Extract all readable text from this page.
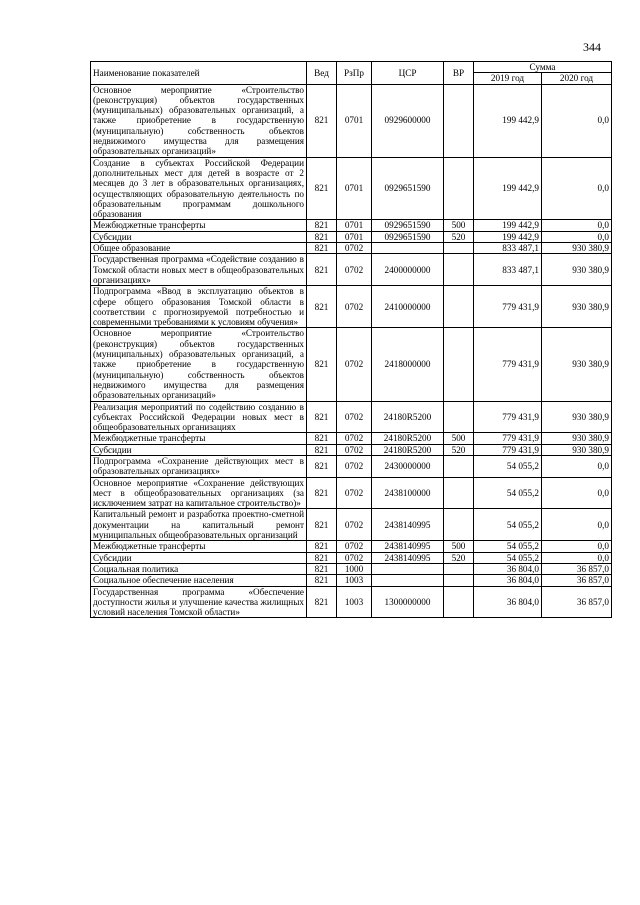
344
Наименование показателей	Вед	РзПр	ЦСР	ВР	Сумма	
					2019 год	2020 год
Основное мероприятие «Строительство (реконструкция) объектов государственных (муниципальных) образовательных организаций, а также приобретение в государственную (муниципальную) собственность объектов недвижимого имущества для размещения образовательных организаций»	821	0701	0929600000		199 442,9	0,0
Создание в субъектах Российской Федерации дополнительных мест для детей в возрасте от 2 месяцев до 3 лет в образовательных организациях, осуществляющих образовательную деятельность по образовательным программам дошкольного образования	821	0701	0929651590		199 442,9	0,0
Межбюджетные трансферты	821	0701	0929651590	500	199 442,9	0,0
Субсидии	821	0701	0929651590	520	199 442,9	0,0
Общее образование	821	0702			833 487,1	930 380,9
Государственная программа «Содействие созданию в Томской области новых мест в общеобразовательных организациях»	821	0702	2400000000		833 487,1	930 380,9
Подпрограмма «Ввод в эксплуатацию объектов в сфере общего образования Томской области в соответствии с прогнозируемой потребностью и современными требованиями к условиям обучения»	821	0702	2410000000		779 431,9	930 380,9
Основное мероприятие «Строительство (реконструкция) объектов государственных (муниципальных) образовательных организаций, а также приобретение в государственную (муниципальную) собственность объектов недвижимого имущества для размещения образовательных организаций»	821	0702	2418000000		779 431,9	930 380,9
Реализация мероприятий по содействию созданию в субъектах Российской Федерации новых мест в общеобразовательных организациях	821	0702	24180R5200		779 431,9	930 380,9
Межбюджетные трансферты	821	0702	24180R5200	500	779 431,9	930 380,9
Субсидии	821	0702	24180R5200	520	779 431,9	930 380,9
Подпрограмма «Сохранение действующих мест в образовательных организациях»	821	0702	2430000000		54 055,2	0,0
Основное мероприятие «Сохранение действующих мест в общеобразовательных организациях (за исключением затрат на капитальное строительство)»	821	0702	2438100000		54 055,2	0,0
Капитальный ремонт и разработка проектно-сметной документации на капитальный ремонт муниципальных общеобразовательных организаций	821	0702	2438140995		54 055,2	0,0
Межбюджетные трансферты	821	0702	2438140995	500	54 055,2	0,0
Субсидии	821	0702	2438140995	520	54 055,2	0,0
Социальная политика	821	1000			36 804,0	36 857,0
Социальное обеспечение населения	821	1003			36 804,0	36 857,0
Государственная программа «Обеспечение доступности жилья и улучшение качества жилищных условий населения Томской области»	821	1003	1300000000		36 804,0	36 857,0
